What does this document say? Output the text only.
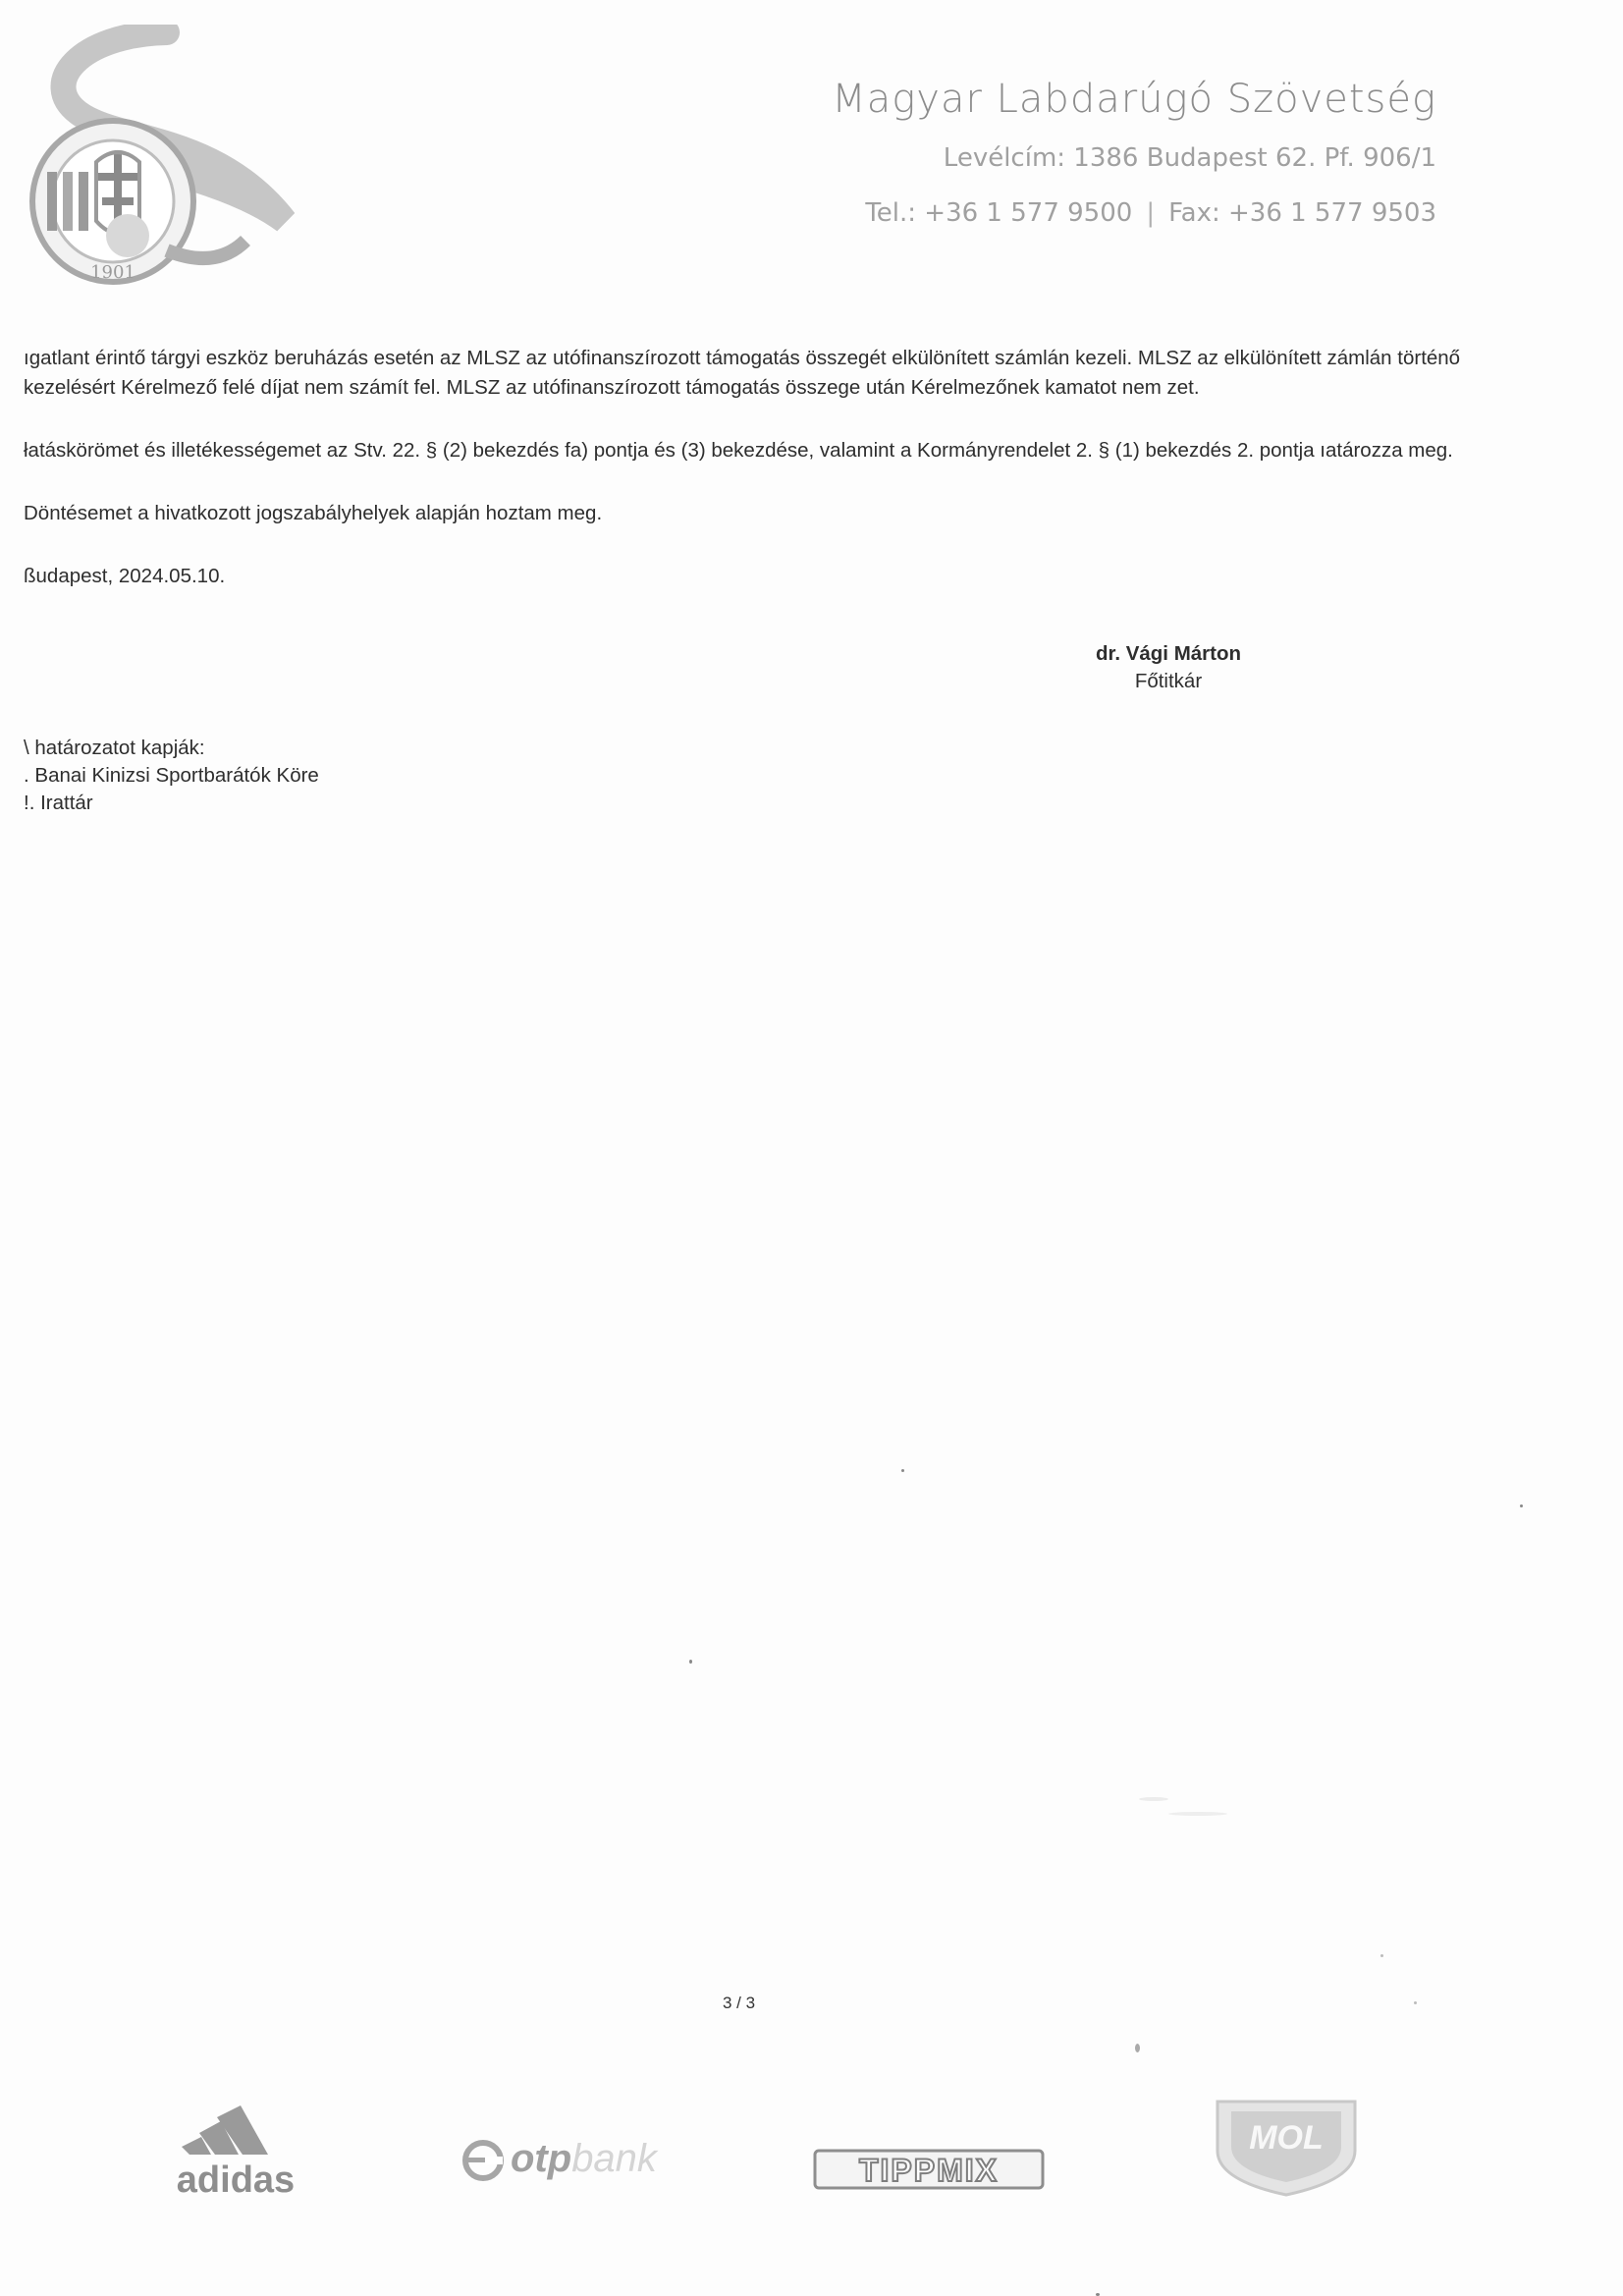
1901
Magyar Labdarúgó Szövetség
Levélcím: 1386 Budapest 62. Pf. 906/1
Tel.: +36 1 577 9500 | Fax: +36 1 577 9503

ıgatlant érintő tárgyi eszköz beruházás esetén az MLSZ az utófinanszírozott támogatás összegét elkülönített számlán kezeli. MLSZ az elkülönített zámlán történő kezelésért Kérelmező felé díjat nem számít fel. MLSZ az utófinanszírozott támogatás összege után Kérelmezőnek kamatot nem zet.

łatáskörömet és illetékességemet az Stv. 22. § (2) bekezdés fa) pontja és (3) bekezdése, valamint a Kormányrendelet 2. § (1) bekezdés 2. pontja ıatározza meg.

Döntésemet a hivatkozott jogszabályhelyek alapján hoztam meg.

ßudapest, 2024.05.10.

dr. Vági Márton
Főtitkár
\ határozatot kapják:
. Banai Kinizsi Sportbarátók Köre
!. Irattár
3 / 3
adidas	otpbank	TIPPMIX
MOL
